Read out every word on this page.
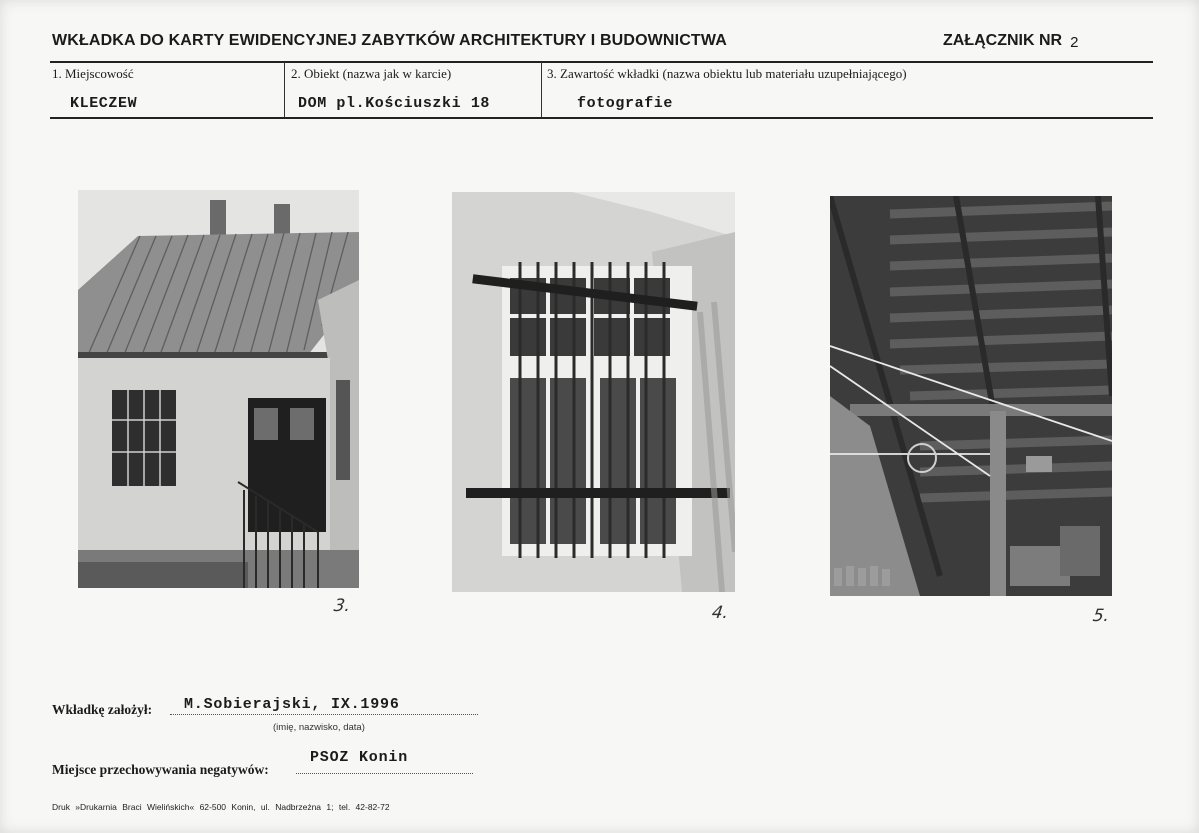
WKŁADKA DO KARTY EWIDENCYJNEJ ZABYTKÓW ARCHITEKTURY I BUDOWNICTWA	ZAŁĄCZNIK NR 2
1. Miejscowość
KLECZEW
2. Obiekt (nazwa jak w karcie)
DOM pl.Kościuszki 18
3. Zawartość wkładki (nazwa obiektu lub materiału uzupełniającego)
fotografie
3.	4.	5.
Wkładkę założył: M.Sobierajski, IX.1996
(imię, nazwisko, data)
Miejsce przechowywania negatywów:
PSOZ Konin
Druk »Drukarnia Braci Wielińskich« 62-500 Konin, ul. Nadbrzeżna 1; tel. 42-82-72
